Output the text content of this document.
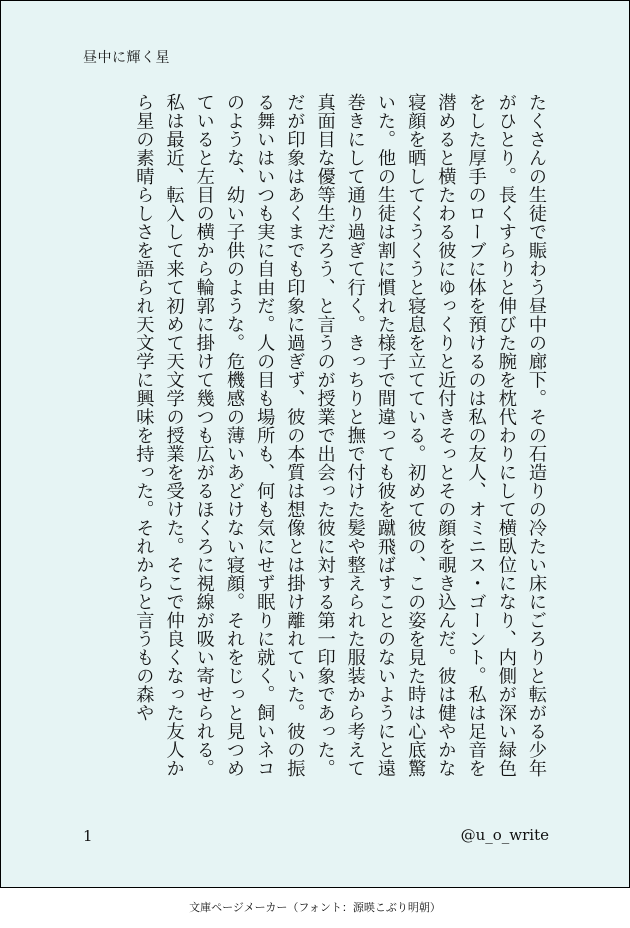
昼中に輝く星

たくさんの生徒で賑わう昼中の廊下。その石造りの冷たい床にごろりと転がる少年がひとり。長くすらりと伸びた腕を枕代わりにして横臥位になり、内側が深い緑色をした厚手のローブに体を預けるのは私の友人、オミニス・ゴーント。私は足音を潜めると横たわる彼にゆっくりと近付きそっとその顔を覗き込んだ。彼は健やかな寝顔を晒してくうくうと寝息を立てている。初めて彼の、この姿を見た時は心底驚いた。他の生徒は割に慣れた様子で間違っても彼を蹴飛ばすことのないようにと遠巻きにして通り過ぎて行く。きっちりと撫で付けた髪や整えられた服装から考えて真面目な優等生だろう、と言うのが授業で出会った彼に対する第一印象であった。だが印象はあくまでも印象に過ぎず、彼の本質は想像とは掛け離れていた。彼の振る舞いはいつも実に自由だ。人の目も場所も、何も気にせず眠りに就く。飼いネコのような、幼い子供のような。危機感の薄いあどけない寝顔。それをじっと見つめていると左目の横から輪郭に掛けて幾つも広がるほくろに視線が吸い寄せられる。

私は最近、転入して来て初めて天文学の授業を受けた。そこで仲良くなった友人から星の素晴らしさを語られ天文学に興味を持った。それからと言うもの森や

1	@u_o_write
文庫ページメーカー（フォント：源暎こぶり明朝）
